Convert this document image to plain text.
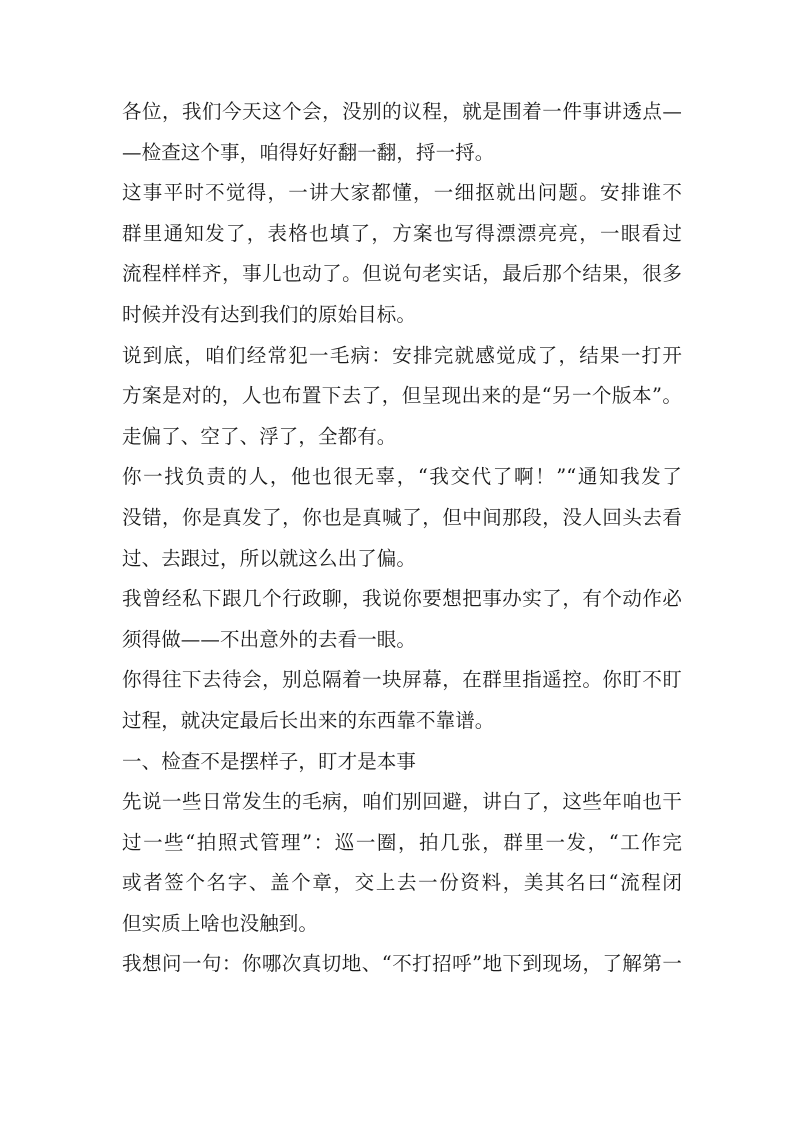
各位，我们今天这个会，没别的议程，就是围着一件事讲透点—
—检查这个事，咱得好好翻一翻，捋一捋。
这事平时不觉得，一讲大家都懂，一细抠就出问题。安排谁不
群里通知发了，表格也填了，方案也写得漂漂亮亮，一眼看过
流程样样齐，事儿也动了。但说句老实话，最后那个结果，很多
时候并没有达到我们的原始目标。
说到底，咱们经常犯一毛病：安排完就感觉成了，结果一打开
方案是对的，人也布置下去了，但呈现出来的是“另一个版本”。
走偏了、空了、浮了，全都有。
你一找负责的人，他也很无辜，“我交代了啊！”“通知我发了
没错，你是真发了，你也是真喊了，但中间那段，没人回头去看
过、去跟过，所以就这么出了偏。
我曾经私下跟几个行政聊，我说你要想把事办实了，有个动作必
须得做——不出意外的去看一眼。
你得往下去待会，别总隔着一块屏幕，在群里指遥控。你盯不盯
过程，就决定最后长出来的东西靠不靠谱。
一、检查不是摆样子，盯才是本事
先说一些日常发生的毛病，咱们别回避，讲白了，这些年咱也干
过一些“拍照式管理”：巡一圈，拍几张，群里一发，“工作完
或者签个名字、盖个章，交上去一份资料，美其名曰“流程闭
但实质上啥也没触到。
我想问一句：你哪次真切地、“不打招呼”地下到现场，了解第一
